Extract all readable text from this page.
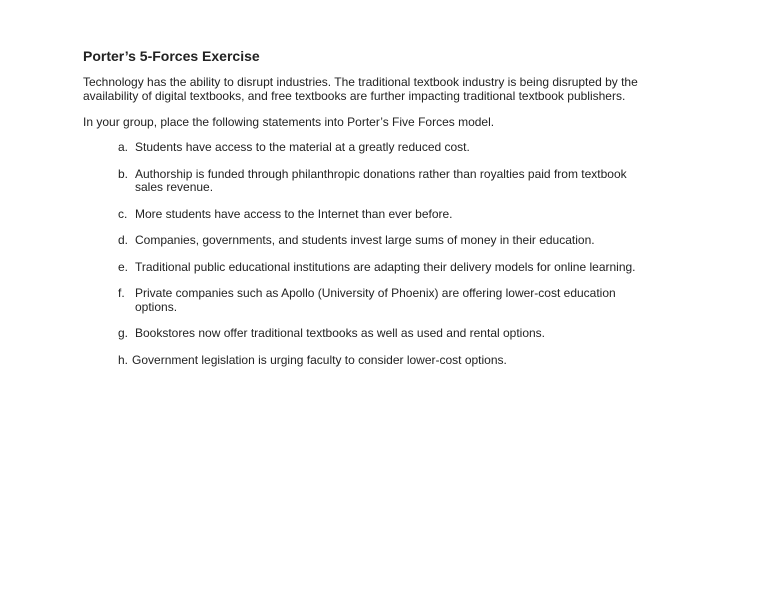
Porter’s 5-Forces Exercise

Technology has the ability to disrupt industries. The traditional textbook industry is being disrupted by the availability of digital textbooks, and free textbooks are further impacting traditional textbook publishers.

In your group, place the following statements into Porter’s Five Forces model.

a. Students have access to the material at a greatly reduced cost.
b. Authorship is funded through philanthropic donations rather than royalties paid from textbook sales revenue.
c. More students have access to the Internet than ever before.
d. Companies, governments, and students invest large sums of money in their education.
e. Traditional public educational institutions are adapting their delivery models for online learning.
f. Private companies such as Apollo (University of Phoenix) are offering lower-cost education options.
g. Bookstores now offer traditional textbooks as well as used and rental options.
h. Government legislation is urging faculty to consider lower-cost options.
